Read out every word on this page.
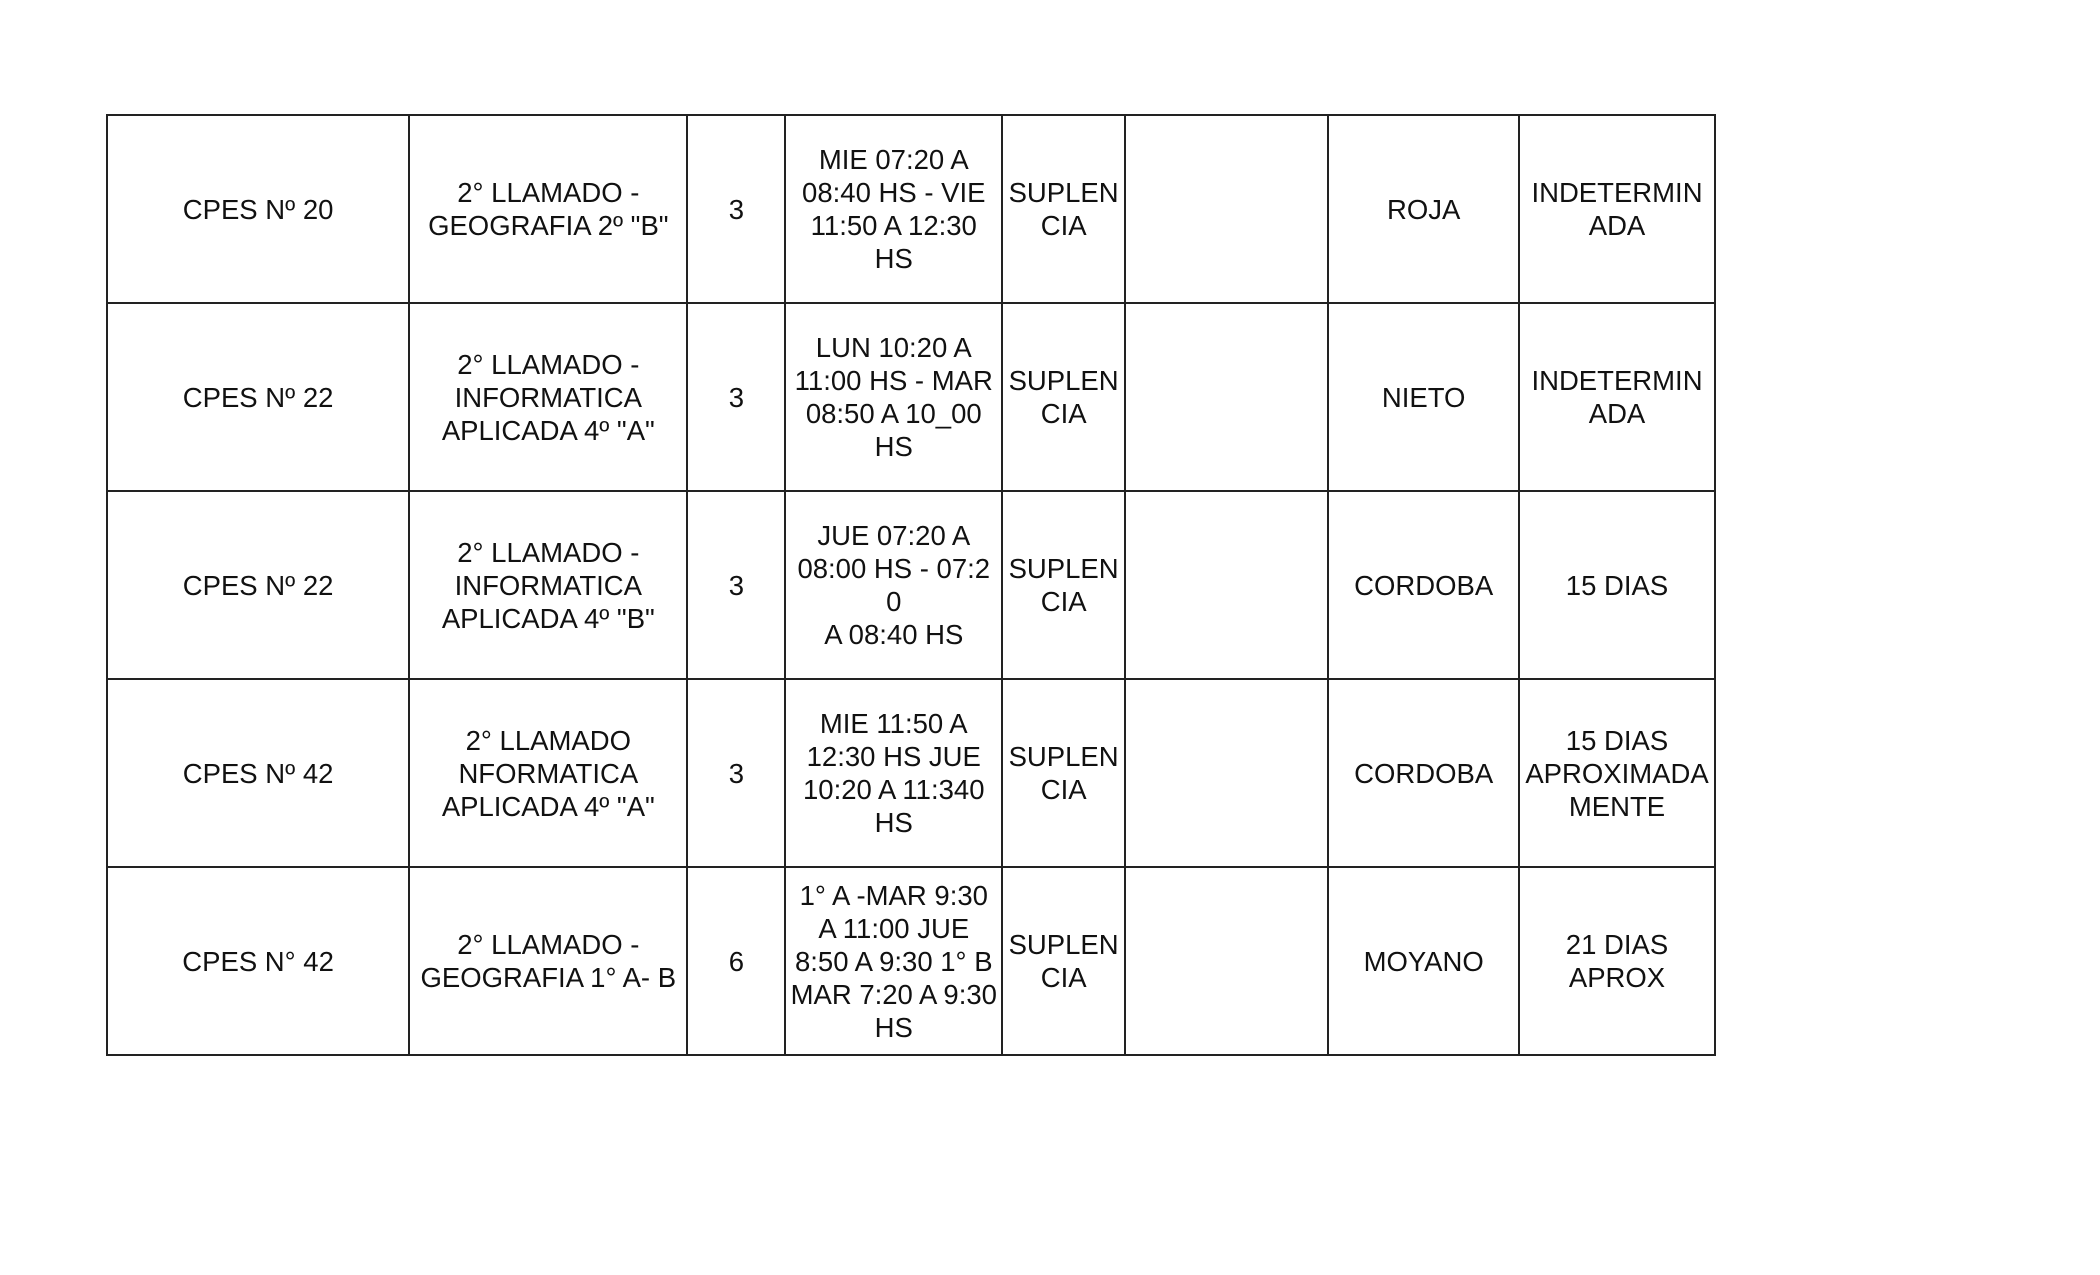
CPES Nº 20	2° LLAMADO -
GEOGRAFIA 2º "B"	3	MIE 07:20 A
08:40 HS - VIE
11:50 A 12:30
HS	SUPLEN
CIA		ROJA	INDETERMIN
ADA
CPES Nº 22	2° LLAMADO -
INFORMATICA
APLICADA 4º "A"	3	LUN 10:20 A
11:00 HS - MAR
08:50 A 10_00
HS	SUPLEN
CIA		NIETO	INDETERMIN
ADA
CPES Nº 22	2° LLAMADO -
INFORMATICA
APLICADA 4º "B"	3	JUE 07:20 A
08:00 HS - 07:20
A 08:40 HS	SUPLEN
CIA		CORDOBA	15 DIAS
CPES Nº 42	2° LLAMADO
NFORMATICA
APLICADA 4º "A"	3	MIE 11:50 A
12:30 HS JUE
10:20 A 11:340
HS	SUPLEN
CIA		CORDOBA	15 DIAS
APROXIMADA
MENTE
CPES N° 42	2° LLAMADO -
GEOGRAFIA 1° A- B	6	1° A -MAR 9:30
A 11:00 JUE
8:50 A 9:30 1° B
MAR 7:20 A 9:30
HS	SUPLEN
CIA		MOYANO	21 DIAS
APROX
